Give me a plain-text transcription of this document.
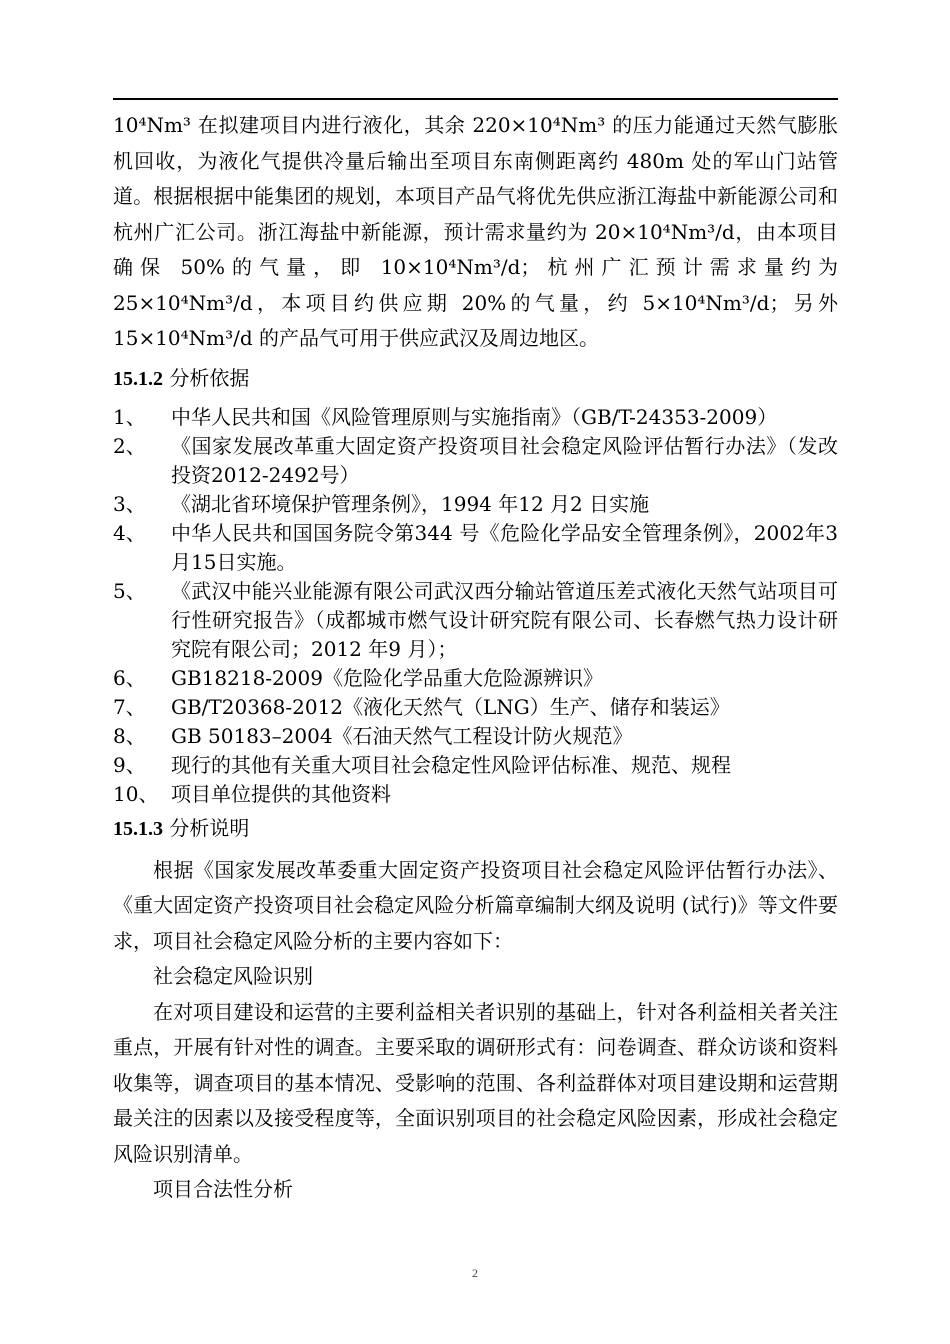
10⁴Nm³ 在拟建项目内进行液化，其余 220×10⁴Nm³ 的压力能通过天然气膨胀机回收，为液化气提供冷量后输出至项目东南侧距离约 480m 处的军山门站管道。根据根据中能集团的规划，本项目产品气将优先供应浙江海盐中新能源公司和杭州广汇公司。浙江海盐中新能源，预计需求量约为 20×10⁴Nm³/d，由本项目确保 50%的气量，即 10×10⁴Nm³/d；杭州广汇预计需求量约为 25×10⁴Nm³/d，本项目约供应期 20%的气量，约 5×10⁴Nm³/d；另外 15×10⁴Nm³/d 的产品气可用于供应武汉及周边地区。

15.1.2 分析依据
1、	中华人民共和国《风险管理原则与实施指南》（GB/T-24353-2009）
2、	《国家发展改革重大固定资产投资项目社会稳定风险评估暂行办法》（发改投资2012-2492号）
3、	《湖北省环境保护管理条例》，1994 年12 月2 日实施
4、	中华人民共和国国务院令第344 号《危险化学品安全管理条例》，2002年3 月15日实施。
5、	《武汉中能兴业能源有限公司武汉西分输站管道压差式液化天然气站项目可行性研究报告》（成都城市燃气设计研究院有限公司、长春燃气热力设计研究院有限公司；2012 年9 月）；
6、	GB18218-2009《危险化学品重大危险源辨识》
7、	GB/T20368-2012《液化天然气（LNG）生产、储存和装运》
8、	GB 50183–2004《石油天然气工程设计防火规范》
9、	现行的其他有关重大项目社会稳定性风险评估标准、规范、规程
10、 项目单位提供的其他资料
15.1.3 分析说明

根据《国家发展改革委重大固定资产投资项目社会稳定风险评估暂行办法》、《重大固定资产投资项目社会稳定风险分析篇章编制大纲及说明 (试行)》等文件要求，项目社会稳定风险分析的主要内容如下：

社会稳定风险识别

在对项目建设和运营的主要利益相关者识别的基础上，针对各利益相关者关注重点，开展有针对性的调查。主要采取的调研形式有：问卷调查、群众访谈和资料收集等，调查项目的基本情况、受影响的范围、各利益群体对项目建设期和运营期最关注的因素以及接受程度等，全面识别项目的社会稳定风险因素，形成社会稳定风险识别清单。

项目合法性分析

2
